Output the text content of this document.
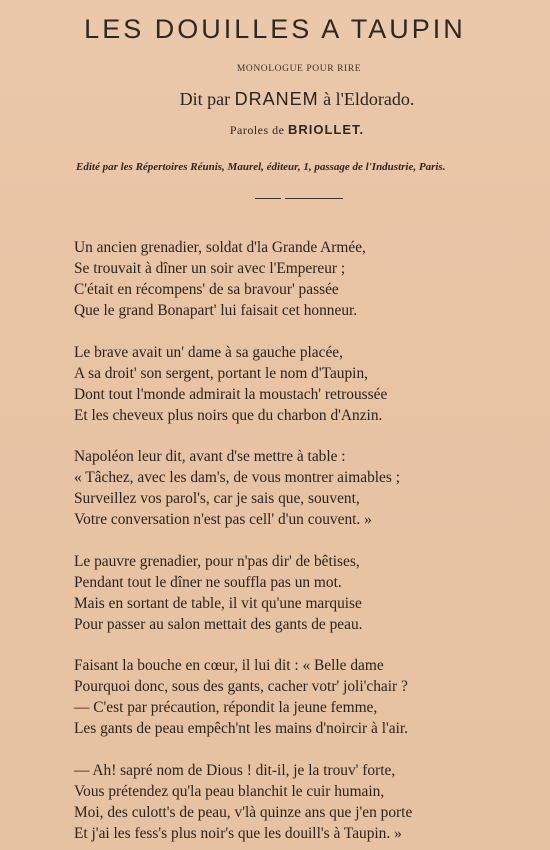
LES DOUILLES A TAUPIN
MONOLOGUE POUR RIRE
Dit par DRANEM à l'Eldorado.
Paroles de BRIOLLET.
Edité par les Répertoires Réunis, Maurel, éditeur, 1, passage de l'Industrie, Paris.
Un ancien grenadier, soldat d'la Grande Armée,
Se trouvait à dîner un soir avec l'Empereur ;
C'était en récompens' de sa bravour' passée
Que le grand Bonapart' lui faisait cet honneur.
Le brave avait un' dame à sa gauche placée,
A sa droit' son sergent, portant le nom d'Taupin,
Dont tout l'monde admirait la moustach' retroussée
Et les cheveux plus noirs que du charbon d'Anzin.
Napoléon leur dit, avant d'se mettre à table :
« Tâchez, avec les dam's, de vous montrer aimables ;
Surveillez vos parol's, car je sais que, souvent,
Votre conversation n'est pas cell' d'un couvent. »
Le pauvre grenadier, pour n'pas dir' de bêtises,
Pendant tout le dîner ne souffla pas un mot.
Mais en sortant de table, il vit qu'une marquise
Pour passer au salon mettait des gants de peau.
Faisant la bouche en cœur, il lui dit : « Belle dame
Pourquoi donc, sous des gants, cacher votr' joli'chair ?
— C'est par précaution, répondit la jeune femme,
Les gants de peau empêch'nt les mains d'noircir à l'air.
— Ah! sapré nom de Dious ! dit-il, je la trouv' forte,
Vous prétendez qu'la peau blanchit le cuir humain,
Moi, des culott's de peau, v'là quinze ans que j'en porte
Et j'ai les fess's plus noir's que les douill's à Taupin. »
